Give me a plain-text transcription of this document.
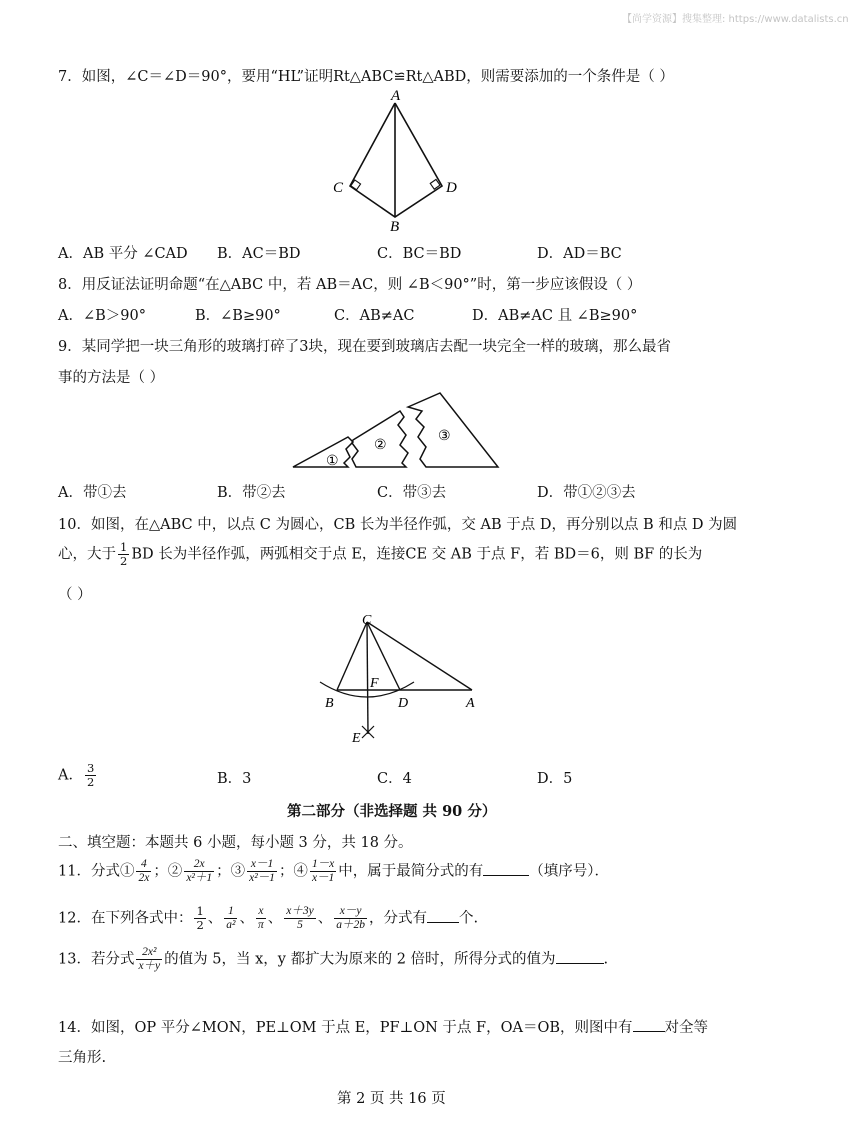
【尚学资源】搜集整理: https://www.datalists.cn
7．如图，∠C＝∠D＝90°，要用“HL”证明Rt△ABC≌Rt△ABD，则需要添加的一个条件是（ ）
A
B
C	D
A．AB 平分 ∠CAD B．AC＝BD	C．BC＝BD	D．AD＝BC
8．用反证法证明命题“在△ABC 中，若 AB＝AC，则 ∠B＜90°”时，第一步应该假设（ ）
A．∠B＞90°	B．∠B≥90°	C．AB≠AC	D．AB≠AC 且 ∠B≥90°
9．某同学把一块三角形的玻璃打碎了3块，现在要到玻璃店去配一块完全一样的玻璃，那么最省
事的方法是（ ）
①
②
③
A．带①去	B．带②去	C．带③去	D．带①②③去
10．如图，在△ABC 中，以点 C 为圆心，CB 长为半径作弧，交 AB 于点 D，再分别以点 B 和点 D 为圆
心，大于 $\frac{1}{2}$ BD 长为半径作弧，两弧相交于点 E，连接CE 交 AB 于点 F，若 BD＝6，则 BF 的长为
（ ）
C
F
B	D	A
E
A． $\frac{3}{2}$	B．3	C．4	D．5
第二部分（非选择题 共 90 分）
二、填空题：本题共 6 小题，每小题 3 分，共 18 分。
11．分式① $\frac{4}{2x}$ ；② $\frac{2x}{\text{x²＋1}}$ ；③ $\frac{x-1}{\text{x²－1}}$ ；④ $\frac{1-x}{x-1}$ 中，属于最简分式的有	（填序号）．
12．在下列各式中： $\frac{1}{2}$ 、 $\frac{1}{\text{a²}}$ 、 $\frac{x}{\pi}$ 、 $\frac{x+3y}{5}$ 、 $\frac{x-y}{a+2b}$ ，分式有 个.
13．若分式 $\frac{\text{2x²}}{x+y}$ 的值为 5，当 x，y 都扩大为原来的 2 倍时，所得分式的值为	.
14．如图，OP 平分∠MON，PE⊥OM 于点 E，PF⊥ON 于点 F，OA＝OB，则图中有 对全等
三角形.
第 2 页 共 16 页
